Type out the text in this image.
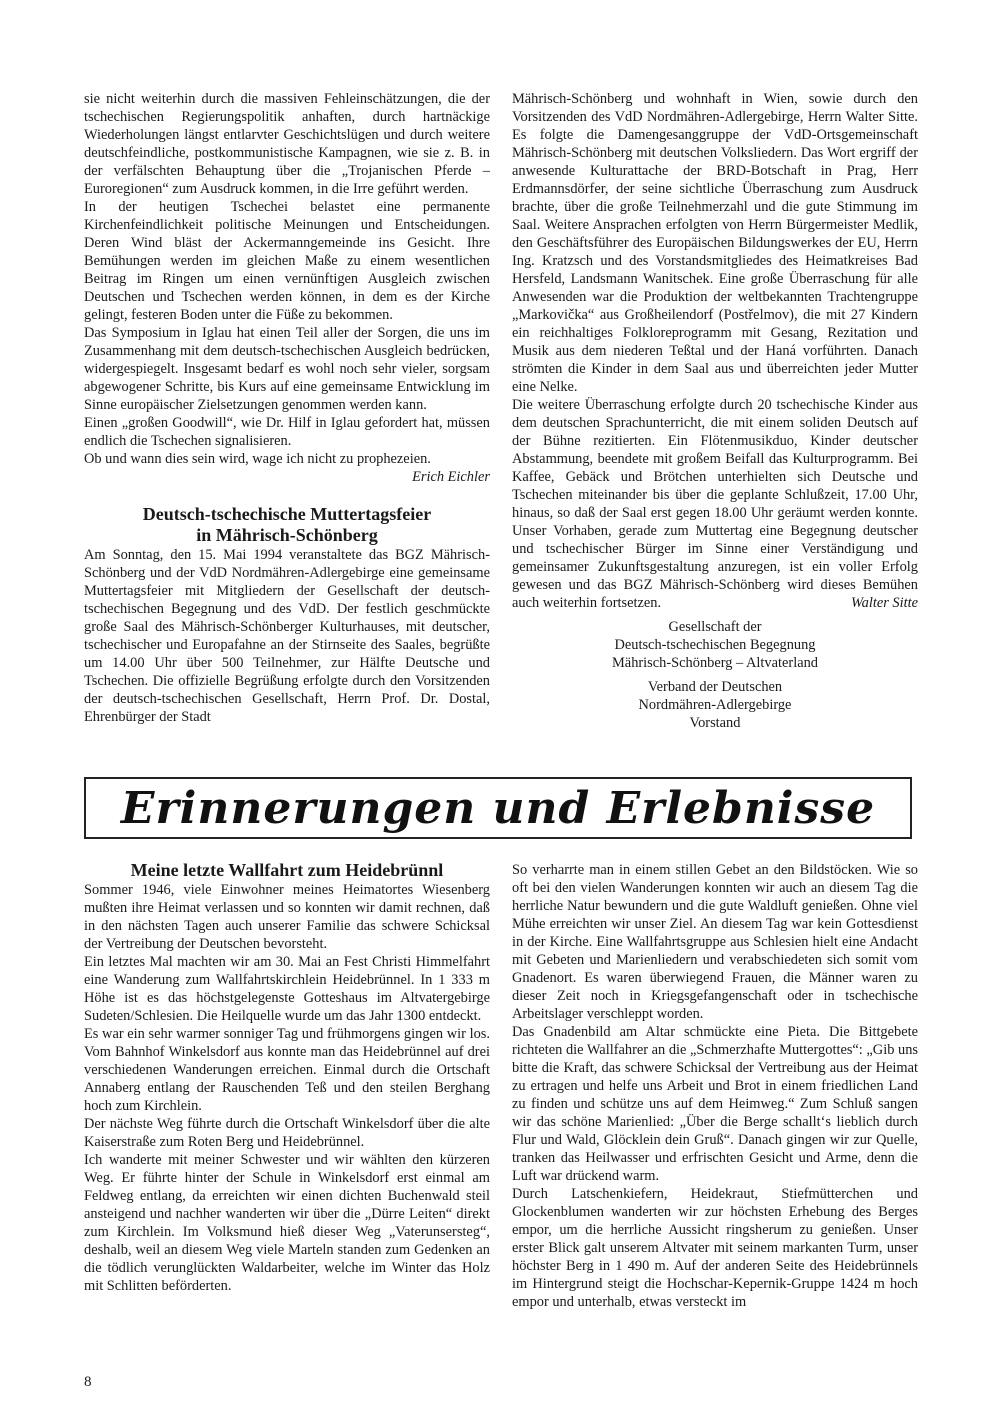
sie nicht weiterhin durch die massiven Fehleinschätzungen, die der tschechischen Regierungspolitik anhaften, durch hartnäckige Wiederholungen längst entlarvter Geschichtslügen und durch weitere deutschfeindliche, postkommunistische Kampagnen, wie sie z. B. in der verfälschten Behauptung über die „Trojanischen Pferde – Euroregionen“ zum Ausdruck kommen, in die Irre geführt werden.

In der heutigen Tschechei belastet eine permanente Kirchenfeindlichkeit politische Meinungen und Entscheidungen. Deren Wind bläst der Ackermanngemeinde ins Gesicht. Ihre Bemühungen werden im gleichen Maße zu einem wesentlichen Beitrag im Ringen um einen vernünftigen Ausgleich zwischen Deutschen und Tschechen werden können, in dem es der Kirche gelingt, festeren Boden unter die Füße zu bekommen.

Das Symposium in Iglau hat einen Teil aller der Sorgen, die uns im Zusammenhang mit dem deutsch-tschechischen Ausgleich bedrücken, widergespiegelt. Insgesamt bedarf es wohl noch sehr vieler, sorgsam abgewogener Schritte, bis Kurs auf eine gemeinsame Entwicklung im Sinne europäischer Zielsetzungen genommen werden kann.

Einen „großen Goodwill“, wie Dr. Hilf in Iglau gefordert hat, müssen endlich die Tschechen signalisieren.

Ob und wann dies sein wird, wage ich nicht zu prophezeien.

Erich Eichler

Deutsch-tschechische Muttertagsfeier
in Mährisch-Schönberg

Am Sonntag, den 15. Mai 1994 veranstaltete das BGZ Mährisch-Schönberg und der VdD Nordmähren-Adlergebirge eine gemeinsame Muttertagsfeier mit Mitgliedern der Gesellschaft der deutsch-tschechischen Begegnung und des VdD. Der festlich geschmückte große Saal des Mährisch-Schönberger Kulturhauses, mit deutscher, tschechischer und Europafahne an der Stirnseite des Saales, begrüßte um 14.00 Uhr über 500 Teilnehmer, zur Hälfte Deutsche und Tschechen. Die offizielle Begrüßung erfolgte durch den Vorsitzenden der deutsch-tschechischen Gesellschaft, Herrn Prof. Dr. Dostal, Ehrenbürger der Stadt

Mährisch-Schönberg und wohnhaft in Wien, sowie durch den Vorsitzenden des VdD Nordmähren-Adlergebirge, Herrn Walter Sitte. Es folgte die Damengesanggruppe der VdD-Ortsgemeinschaft Mährisch-Schönberg mit deutschen Volksliedern. Das Wort ergriff der anwesende Kulturattache der BRD-Botschaft in Prag, Herr Erdmannsdörfer, der seine sichtliche Überraschung zum Ausdruck brachte, über die große Teilnehmerzahl und die gute Stimmung im Saal. Weitere Ansprachen erfolgten von Herrn Bürgermeister Medlik, den Geschäftsführer des Europäischen Bildungswerkes der EU, Herrn Ing. Kratzsch und des Vorstandsmitgliedes des Heimatkreises Bad Hersfeld, Landsmann Wanitschek. Eine große Überraschung für alle Anwesenden war die Produktion der weltbekannten Trachtengruppe „Markovička“ aus Großheilendorf (Postřelmov), die mit 27 Kindern ein reichhaltiges Folkloreprogramm mit Gesang, Rezitation und Musik aus dem niederen Teßtal und der Haná vorführten. Danach strömten die Kinder in dem Saal aus und überreichten jeder Mutter eine Nelke.

Die weitere Überraschung erfolgte durch 20 tschechische Kinder aus dem deutschen Sprachunterricht, die mit einem soliden Deutsch auf der Bühne rezitierten. Ein Flötenmusikduo, Kinder deutscher Abstammung, beendete mit großem Beifall das Kulturprogramm. Bei Kaffee, Gebäck und Brötchen unterhielten sich Deutsche und Tschechen miteinander bis über die geplante Schlußzeit, 17.00 Uhr, hinaus, so daß der Saal erst gegen 18.00 Uhr geräumt werden konnte. Unser Vorhaben, gerade zum Muttertag eine Begegnung deutscher und tschechischer Bürger im Sinne einer Verständigung und gemeinsamer Zukunftsgestaltung anzuregen, ist ein voller Erfolg gewesen und das BGZ Mährisch-Schönberg wird dieses Bemühen auch weiterhin fortsetzen.	Walter Sitte

Gesellschaft der
Deutsch-tschechischen Begegnung
Mährisch-Schönberg – Altvaterland
Verband der Deutschen
Nordmähren-Adlergebirge
Vorstand
Erinnerungen und Erlebnisse
Meine letzte Wallfahrt zum Heidebrünnl

Sommer 1946, viele Einwohner meines Heimatortes Wiesenberg mußten ihre Heimat verlassen und so konnten wir damit rechnen, daß in den nächsten Tagen auch unserer Familie das schwere Schicksal der Vertreibung der Deutschen bevorsteht.

Ein letztes Mal machten wir am 30. Mai an Fest Christi Himmelfahrt eine Wanderung zum Wallfahrtskirchlein Heidebrünnel. In 1 333 m Höhe ist es das höchstgelegenste Gotteshaus im Altvatergebirge Sudeten/Schlesien. Die Heilquelle wurde um das Jahr 1300 entdeckt.

Es war ein sehr warmer sonniger Tag und frühmorgens gingen wir los. Vom Bahnhof Winkelsdorf aus konnte man das Heidebrünnel auf drei verschiedenen Wanderungen erreichen. Einmal durch die Ortschaft Annaberg entlang der Rauschenden Teß und den steilen Berghang hoch zum Kirchlein.

Der nächste Weg führte durch die Ortschaft Winkelsdorf über die alte Kaiserstraße zum Roten Berg und Heidebrünnel.

Ich wanderte mit meiner Schwester und wir wählten den kürzeren Weg. Er führte hinter der Schule in Winkelsdorf erst einmal am Feldweg entlang, da erreichten wir einen dichten Buchenwald steil ansteigend und nachher wanderten wir über die „Dürre Leiten“ direkt zum Kirchlein. Im Volksmund hieß dieser Weg „Vaterunsersteg“, deshalb, weil an diesem Weg viele Marteln standen zum Gedenken an die tödlich verunglückten Waldarbeiter, welche im Winter das Holz mit Schlitten beförderten.

So verharrte man in einem stillen Gebet an den Bildstöcken. Wie so oft bei den vielen Wanderungen konnten wir auch an diesem Tag die herrliche Natur bewundern und die gute Waldluft genießen. Ohne viel Mühe erreichten wir unser Ziel. An diesem Tag war kein Gottesdienst in der Kirche. Eine Wallfahrtsgruppe aus Schlesien hielt eine Andacht mit Gebeten und Marienliedern und verabschiedeten sich somit vom Gnadenort. Es waren überwiegend Frauen, die Männer waren zu dieser Zeit noch in Kriegsgefangenschaft oder in tschechische Arbeitslager verschleppt worden.

Das Gnadenbild am Altar schmückte eine Pieta. Die Bittgebete richteten die Wallfahrer an die „Schmerzhafte Muttergottes“: „Gib uns bitte die Kraft, das schwere Schicksal der Vertreibung aus der Heimat zu ertragen und helfe uns Arbeit und Brot in einem friedlichen Land zu finden und schütze uns auf dem Heimweg.“ Zum Schluß sangen wir das schöne Marienlied: „Über die Berge schallt‘s lieblich durch Flur und Wald, Glöcklein dein Gruß“. Danach gingen wir zur Quelle, tranken das Heilwasser und erfrischten Gesicht und Arme, denn die Luft war drückend warm.

Durch Latschenkiefern, Heidekraut, Stiefmütterchen und Glockenblumen wanderten wir zur höchsten Erhebung des Berges empor, um die herrliche Aussicht ringsherum zu genießen. Unser erster Blick galt unserem Altvater mit seinem markanten Turm, unser höchster Berg in 1 490 m. Auf der anderen Seite des Heidebrünnels im Hintergrund steigt die Hochschar-Kepernik-Gruppe 1424 m hoch empor und unterhalb, etwas versteckt im

8
